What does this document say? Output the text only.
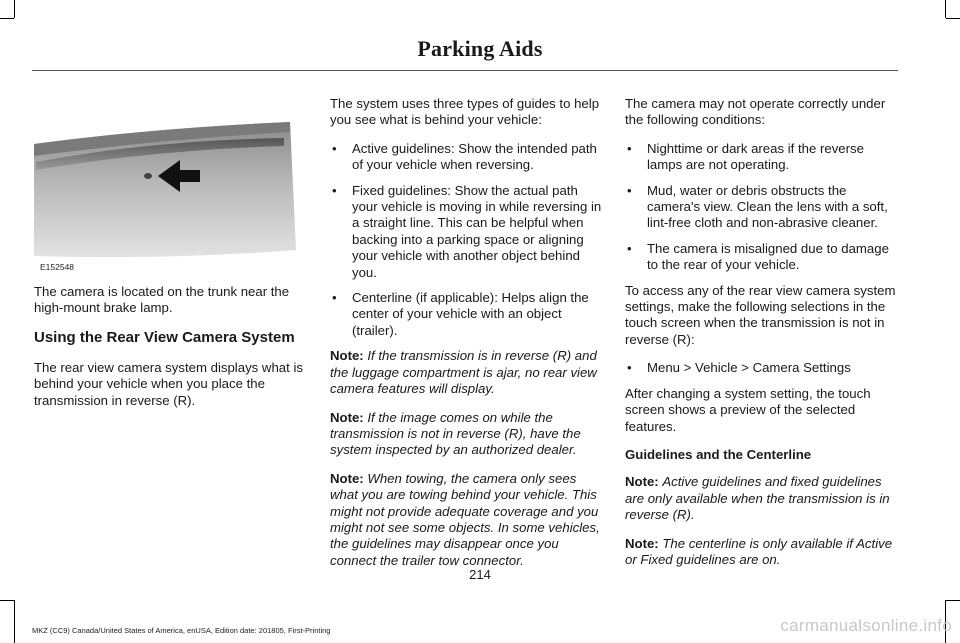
Parking Aids
E152548

The camera is located on the trunk near the high-mount brake lamp.

Using the Rear View Camera System

The rear view camera system displays what is behind your vehicle when you place the transmission in reverse (R).

The system uses three types of guides to help you see what is behind your vehicle:

• Active guidelines: Show the intended path of your vehicle when reversing.
• Fixed guidelines: Show the actual path your vehicle is moving in while reversing in a straight line. This can be helpful when backing into a parking space or aligning your vehicle with another object behind you.
• Centerline (if applicable): Helps align the center of your vehicle with an object (trailer).

Note: If the transmission is in reverse (R) and the luggage compartment is ajar, no rear view camera features will display.

Note: If the image comes on while the transmission is not in reverse (R), have the system inspected by an authorized dealer.

Note: When towing, the camera only sees what you are towing behind your vehicle. This might not provide adequate coverage and you might not see some objects. In some vehicles, the guidelines may disappear once you connect the trailer tow connector.

The camera may not operate correctly under the following conditions:

• Nighttime or dark areas if the reverse lamps are not operating.
• Mud, water or debris obstructs the camera's view. Clean the lens with a soft, lint-free cloth and non-abrasive cleaner.
• The camera is misaligned due to damage to the rear of your vehicle.

To access any of the rear view camera system settings, make the following selections in the touch screen when the transmission is not in reverse (R):

• Menu > Vehicle > Camera Settings

After changing a system setting, the touch screen shows a preview of the selected features.

Guidelines and the Centerline

Note: Active guidelines and fixed guidelines are only available when the transmission is in reverse (R).

Note: The centerline is only available if Active or Fixed guidelines are on.

214
MKZ (CC9) Canada/United States of America, enUSA, Edition date: 201805, First-Printing	carmanualsonline.info
